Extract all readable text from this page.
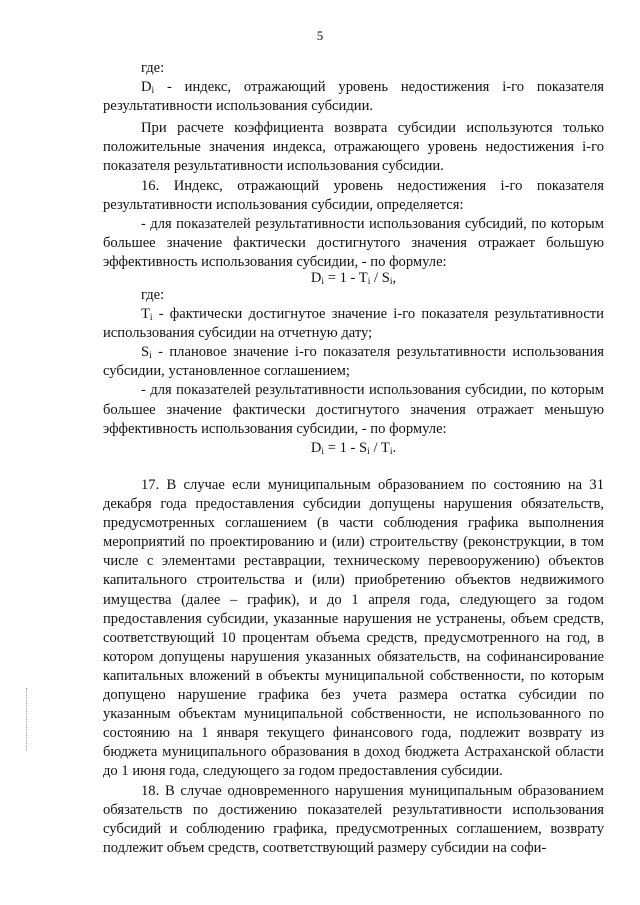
5

где:

$D_i$ - индекс, отражающий уровень недостижения i-го показателя результативности использования субсидии.

При расчете коэффициента возврата субсидии используются только положительные значения индекса, отражающего уровень недостижения i-го показателя результативности использования субсидии.

16. Индекс, отражающий уровень недостижения i-го показателя результативности использования субсидии, определяется:

- для показателей результативности использования субсидий, по которым большее значение фактически достигнутого значения отражает большую эффективность использования субсидии, - по формуле:

$D_i = 1 - T_i / S_i$,

где:

$T_i$ - фактически достигнутое значение i-го показателя результативности использования субсидии на отчетную дату;

$S_i$ - плановое значение i-го показателя результативности использования субсидии, установленное соглашением;

- для показателей результативности использования субсидии, по которым большее значение фактически достигнутого значения отражает меньшую эффективность использования субсидии, - по формуле:

$D_i = 1 - S_i / T_i$.

17. В случае если муниципальным образованием по состоянию на 31 декабря года предоставления субсидии допущены нарушения обязательств, предусмотренных соглашением (в части соблюдения графика выполнения мероприятий по проектированию и (или) строительству (реконструкции, в том числе с элементами реставрации, техническому перевооружению) объектов капитального строительства и (или) приобретению объектов недвижимого имущества (далее – график), и до 1 апреля года, следующего за годом предоставления субсидии, указанные нарушения не устранены, объем средств, соответствующий 10 процентам объема средств, предусмотренного на год, в котором допущены нарушения указанных обязательств, на софинансирование капитальных вложений в объекты муниципальной собственности, по которым допущено нарушение графика без учета размера остатка субсидии по указанным объектам муниципальной собственности, не использованного по состоянию на 1 января текущего финансового года, подлежит возврату из бюджета муниципального образования в доход бюджета Астраханской области до 1 июня года, следующего за годом предоставления субсидии.

18. В случае одновременного нарушения муниципальным образованием обязательств по достижению показателей результативности использования субсидий и соблюдению графика, предусмотренных соглашением, возврату подлежит объем средств, соответствующий размеру субсидии на софи-
